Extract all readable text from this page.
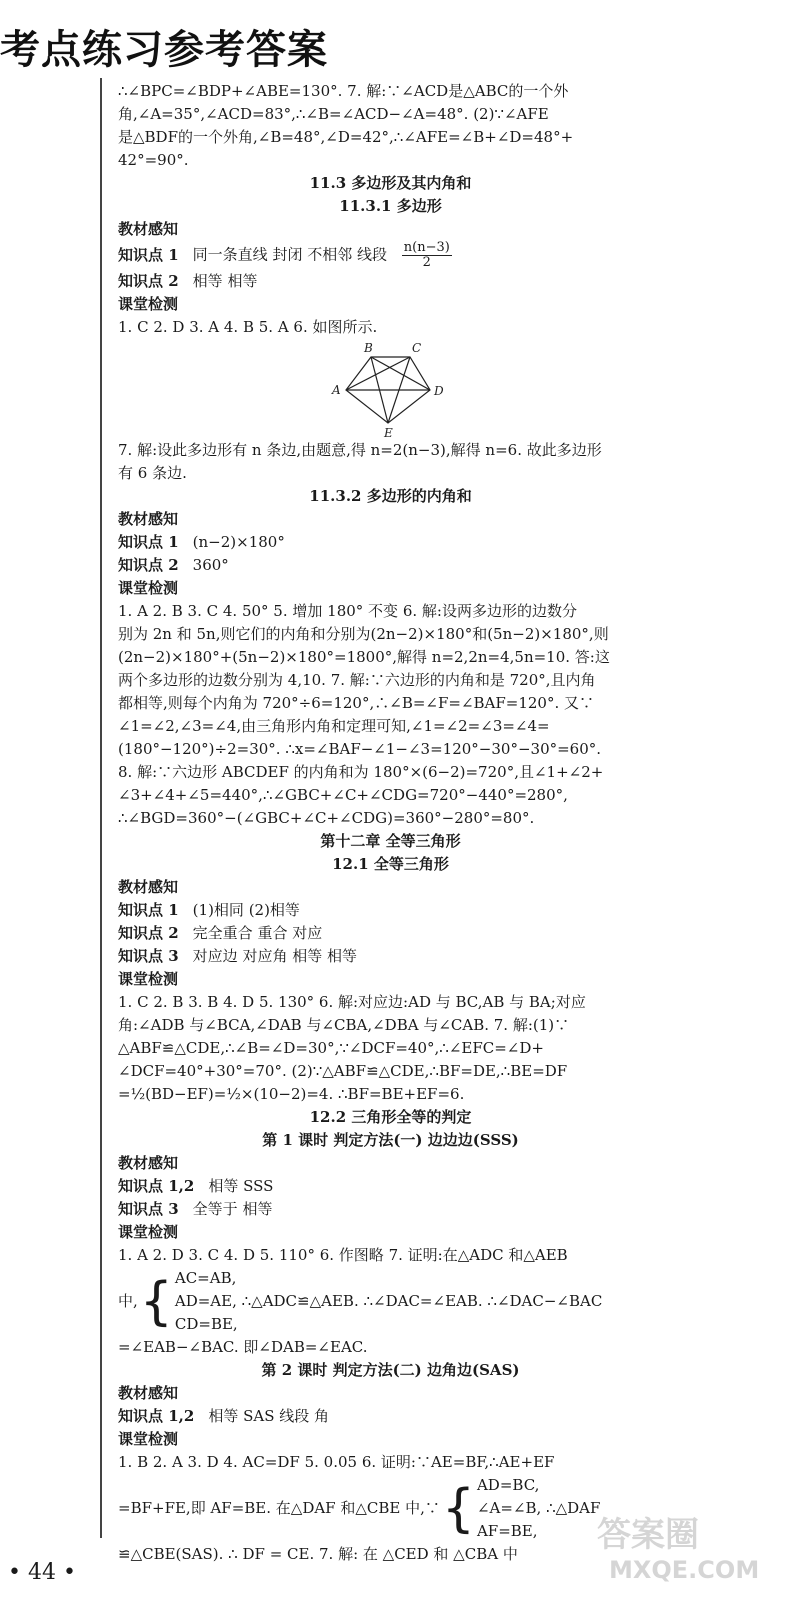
考点练习参考答案

∴∠BPC=∠BDP+∠ABE=130°. 7. 解:∵∠ACD是△ABC的一个外

角,∠A=35°,∠ACD=83°,∴∠B=∠ACD−∠A=48°. (2)∵∠AFE

是△BDF的一个外角,∠B=48°,∠D=42°,∴∠AFE=∠B+∠D=48°+

42°=90°.

11.3 多边形及其内角和

11.3.1 多边形

教材感知

知识点 1 同一条直线 封闭 不相邻 线段 $\frac{n(n-3)}{2}$

知识点 2 相等 相等

课堂检测

1. C 2. D 3. A 4. B 5. A 6. 如图所示.

A
B	C
D
E

7. 解:设此多边形有 n 条边,由题意,得 n=2(n−3),解得 n=6. 故此多边形

有 6 条边.

11.3.2 多边形的内角和

教材感知

知识点 1 (n−2)×180°

知识点 2 360°

课堂检测

1. A 2. B 3. C 4. 50° 5. 增加 180° 不变 6. 解:设两多边形的边数分

别为 2n 和 5n,则它们的内角和分别为(2n−2)×180°和(5n−2)×180°,则

(2n−2)×180°+(5n−2)×180°=1800°,解得 n=2,2n=4,5n=10. 答:这

两个多边形的边数分别为 4,10. 7. 解:∵六边形的内角和是 720°,且内角

都相等,则每个内角为 720°÷6=120°,∴∠B=∠F=∠BAF=120°. 又∵

∠1=∠2,∠3=∠4,由三角形内角和定理可知,∠1=∠2=∠3=∠4=

(180°−120°)÷2=30°. ∴x=∠BAF−∠1−∠3=120°−30°−30°=60°.

8. 解:∵六边形 ABCDEF 的内角和为 180°×(6−2)=720°,且∠1+∠2+

∠3+∠4+∠5=440°,∴∠GBC+∠C+∠CDG=720°−440°=280°,

∴∠BGD=360°−(∠GBC+∠C+∠CDG)=360°−280°=80°.

第十二章 全等三角形

12.1 全等三角形

教材感知

知识点 1 (1)相同 (2)相等

知识点 2 完全重合 重合 对应

知识点 3 对应边 对应角 相等 相等

课堂检测

1. C 2. B 3. B 4. D 5. 130° 6. 解:对应边:AD 与 BC,AB 与 BA;对应

角:∠ADB 与∠BCA,∠DAB 与∠CBA,∠DBA 与∠CAB. 7. 解:(1)∵

△ABF≌△CDE,∴∠B=∠D=30°,∵∠DCF=40°,∴∠EFC=∠D+

∠DCF=40°+30°=70°. (2)∵△ABF≌△CDE,∴BF=DE,∴BE=DF

=½(BD−EF)=½×(10−2)=4. ∴BF=BE+EF=6.

12.2 三角形全等的判定

第 1 课时 判定方法(一) 边边边(SSS)

教材感知

知识点 1,2 相等 SSS

知识点 3 全等于 相等

课堂检测

1. A 2. D 3. C 4. D 5. 110° 6. 作图略 7. 证明:在△ADC 和△AEB

中, { AC=AB,
AD=AE, ∴△ADC≌△AEB. ∴∠DAC=∠EAB. ∴∠DAC−∠BAC
CD=BE,

=∠EAB−∠BAC. 即∠DAB=∠EAC.

第 2 课时 判定方法(二) 边角边(SAS)

教材感知

知识点 1,2 相等 SAS 线段 角

课堂检测

1. B 2. A 3. D 4. AC=DF 5. 0.05 6. 证明:∵AE=BF,∴AE+EF

=BF+FE,即 AF=BE. 在△DAF 和△CBE 中,∵ { AD=BC,
∠A=∠B, ∴△DAF
AF=BE,

≌△CBE(SAS). ∴ DF = CE. 7. 解: 在 △CED 和 △CBA 中

• 44 •
答案圈
MXQE.COM
